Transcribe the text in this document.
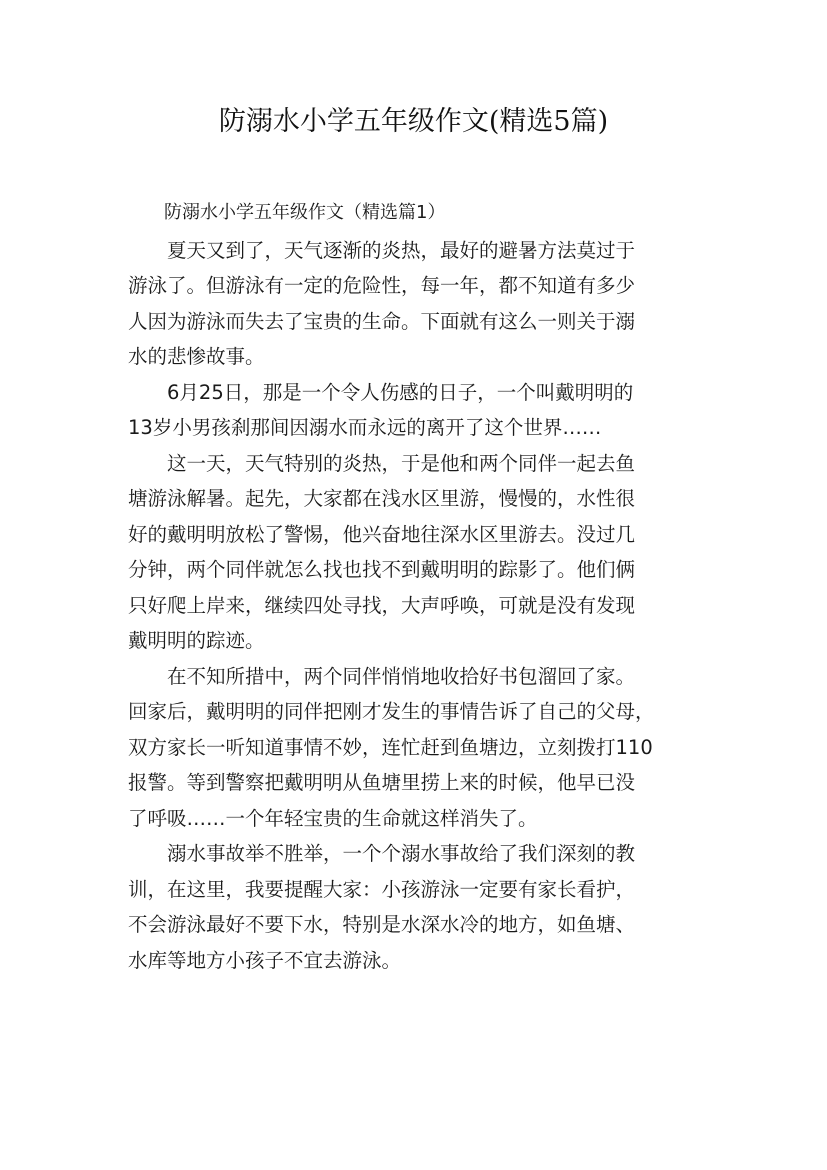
防溺水小学五年级作文(精选5篇)

防溺水小学五年级作文（精选篇1）

夏天又到了，天气逐渐的炎热，最好的避暑方法莫过于
游泳了。但游泳有一定的危险性，每一年，都不知道有多少
人因为游泳而失去了宝贵的生命。下面就有这么一则关于溺
水的悲惨故事。

6月25日，那是一个令人伤感的日子，一个叫戴明明的
13岁小男孩刹那间因溺水而永远的离开了这个世界……

这一天，天气特别的炎热，于是他和两个同伴一起去鱼
塘游泳解暑。起先，大家都在浅水区里游，慢慢的，水性很
好的戴明明放松了警惕，他兴奋地往深水区里游去。没过几
分钟，两个同伴就怎么找也找不到戴明明的踪影了。他们俩
只好爬上岸来，继续四处寻找，大声呼唤，可就是没有发现
戴明明的踪迹。

在不知所措中，两个同伴悄悄地收拾好书包溜回了家。
回家后，戴明明的同伴把刚才发生的事情告诉了自己的父母，
双方家长一听知道事情不妙，连忙赶到鱼塘边，立刻拨打110
报警。等到警察把戴明明从鱼塘里捞上来的时候，他早已没
了呼吸……一个年轻宝贵的生命就这样消失了。

溺水事故举不胜举，一个个溺水事故给了我们深刻的教
训，在这里，我要提醒大家：小孩游泳一定要有家长看护，
不会游泳最好不要下水，特别是水深水冷的地方，如鱼塘、
水库等地方小孩子不宜去游泳。
